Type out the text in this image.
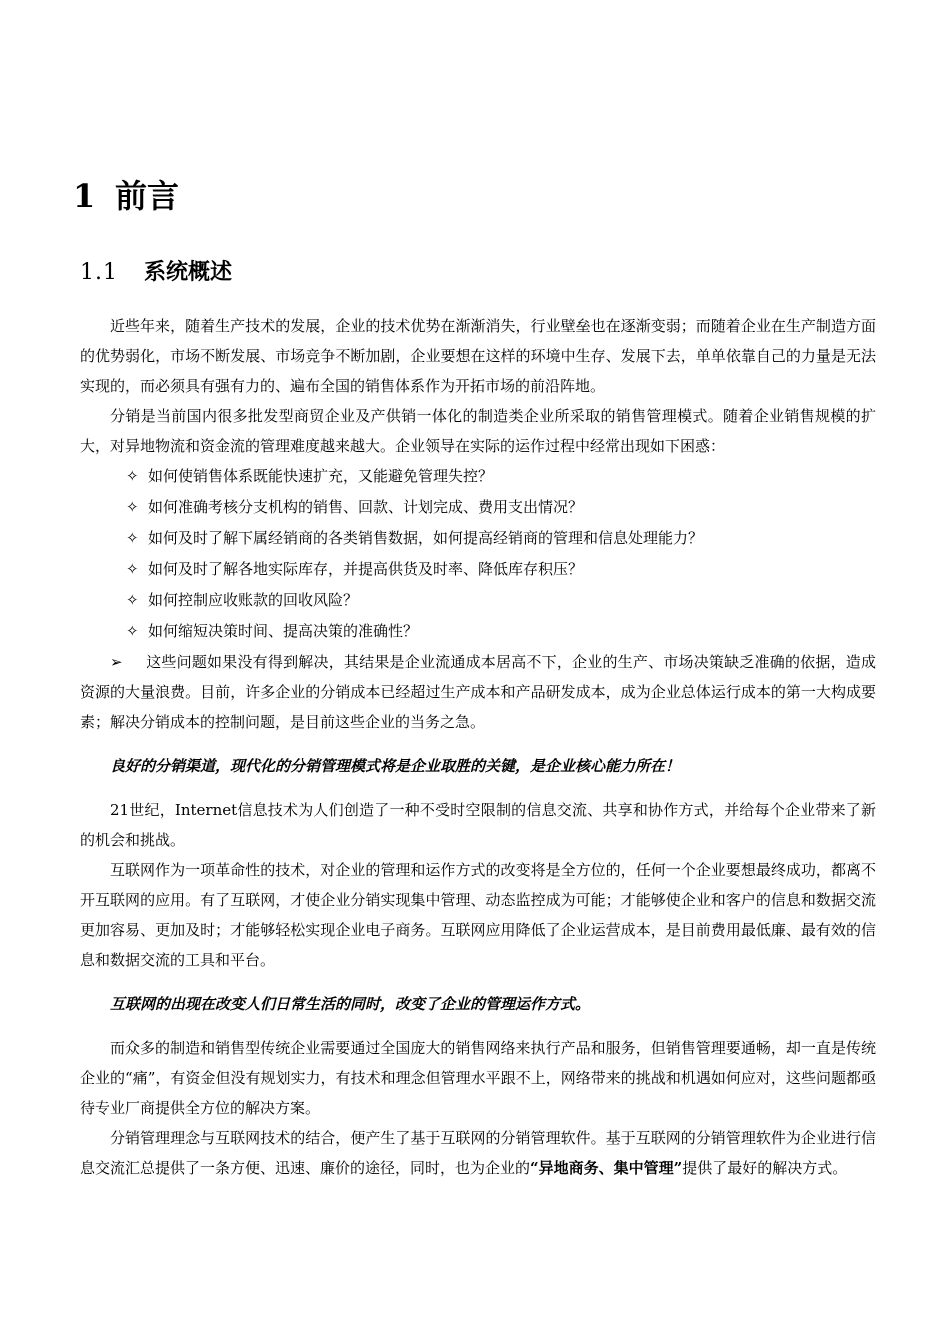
1 前言
1.1 系统概述

近些年来，随着生产技术的发展，企业的技术优势在渐渐消失，行业壁垒也在逐渐变弱；而随着企业在生产制造方面的优势弱化，市场不断发展、市场竞争不断加剧，企业要想在这样的环境中生存、发展下去，单单依靠自己的力量是无法实现的，而必须具有强有力的、遍布全国的销售体系作为开拓市场的前沿阵地。

分销是当前国内很多批发型商贸企业及产供销一体化的制造类企业所采取的销售管理模式。随着企业销售规模的扩大，对异地物流和资金流的管理难度越来越大。企业领导在实际的运作过程中经常出现如下困惑：

✧ 如何使销售体系既能快速扩充，又能避免管理失控？
✧ 如何准确考核分支机构的销售、回款、计划完成、费用支出情况？
✧ 如何及时了解下属经销商的各类销售数据，如何提高经销商的管理和信息处理能力？
✧ 如何及时了解各地实际库存，并提高供货及时率、降低库存积压？
✧ 如何控制应收账款的回收风险？
✧ 如何缩短决策时间、提高决策的准确性？

➢ 这些问题如果没有得到解决，其结果是企业流通成本居高不下，企业的生产、市场决策缺乏准确的依据，造成资源的大量浪费。目前，许多企业的分销成本已经超过生产成本和产品研发成本，成为企业总体运行成本的第一大构成要素；解决分销成本的控制问题，是目前这些企业的当务之急。

良好的分销渠道，现代化的分销管理模式将是企业取胜的关键，是企业核心能力所在！

21世纪，Internet信息技术为人们创造了一种不受时空限制的信息交流、共享和协作方式，并给每个企业带来了新的机会和挑战。

互联网作为一项革命性的技术，对企业的管理和运作方式的改变将是全方位的，任何一个企业要想最终成功，都离不开互联网的应用。有了互联网，才使企业分销实现集中管理、动态监控成为可能；才能够使企业和客户的信息和数据交流更加容易、更加及时；才能够轻松实现企业电子商务。互联网应用降低了企业运营成本，是目前费用最低廉、最有效的信息和数据交流的工具和平台。

互联网的出现在改变人们日常生活的同时，改变了企业的管理运作方式。

而众多的制造和销售型传统企业需要通过全国庞大的销售网络来执行产品和服务，但销售管理要通畅，却一直是传统企业的“痛”，有资金但没有规划实力，有技术和理念但管理水平跟不上，网络带来的挑战和机遇如何应对，这些问题都亟待专业厂商提供全方位的解决方案。

分销管理理念与互联网技术的结合，便产生了基于互联网的分销管理软件。基于互联网的分销管理软件为企业进行信息交流汇总提供了一条方便、迅速、廉价的途径，同时，也为企业的“异地商务、集中管理”提供了最好的解决方式。
